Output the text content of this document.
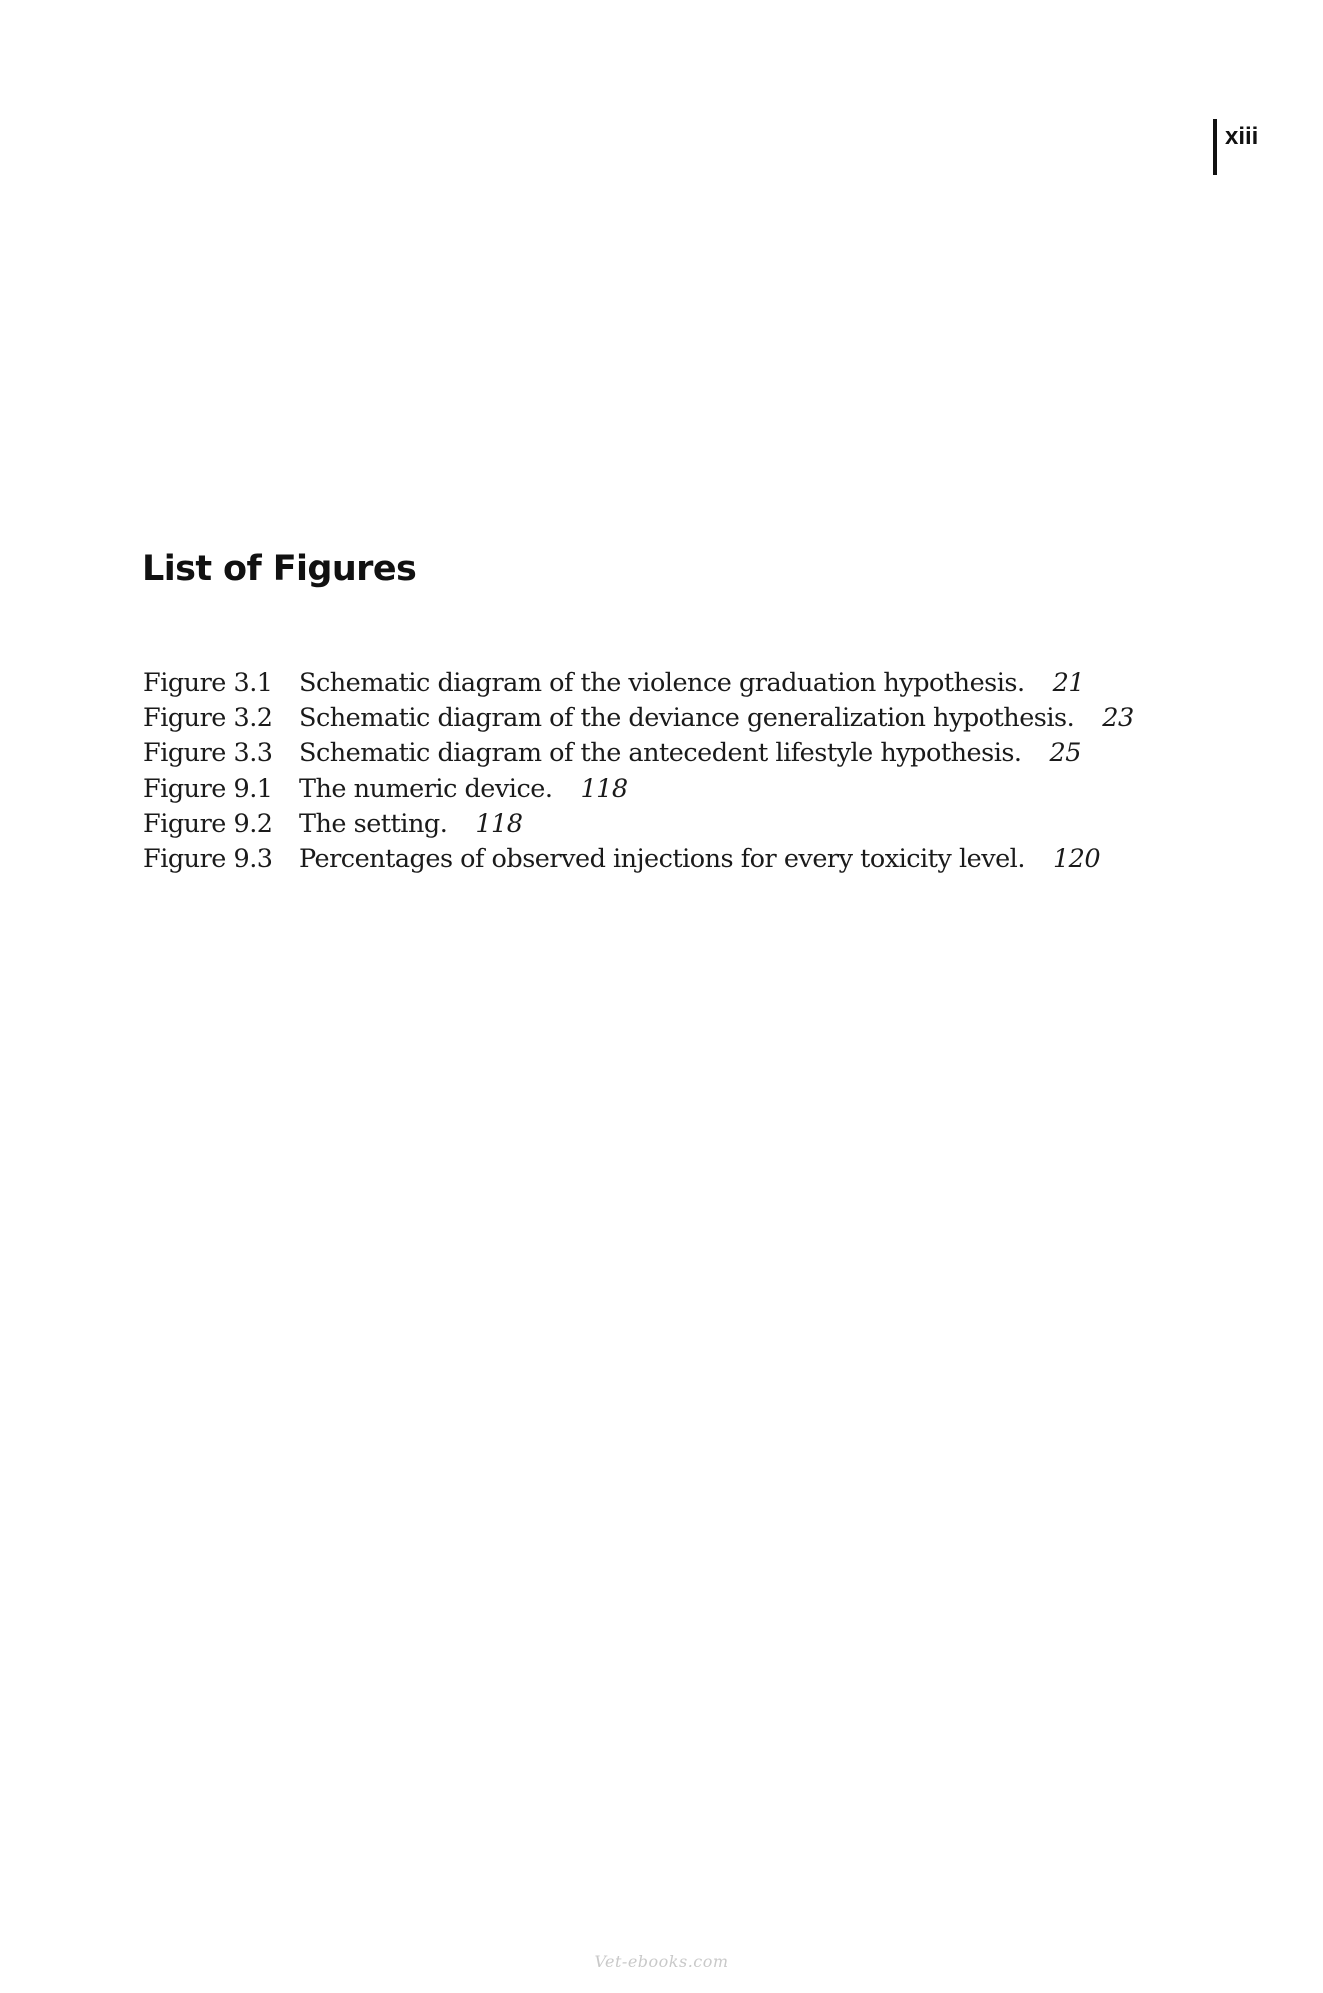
xiii
List of Figures
Figure 3.1	Schematic diagram of the violence graduation hypothesis. 21
Figure 3.2	Schematic diagram of the deviance generalization hypothesis. 23
Figure 3.3	Schematic diagram of the antecedent lifestyle hypothesis. 25
Figure 9.1	The numeric device. 118
Figure 9.2	The setting. 118
Figure 9.3	Percentages of observed injections for every toxicity level. 120
Vet-ebooks.com
